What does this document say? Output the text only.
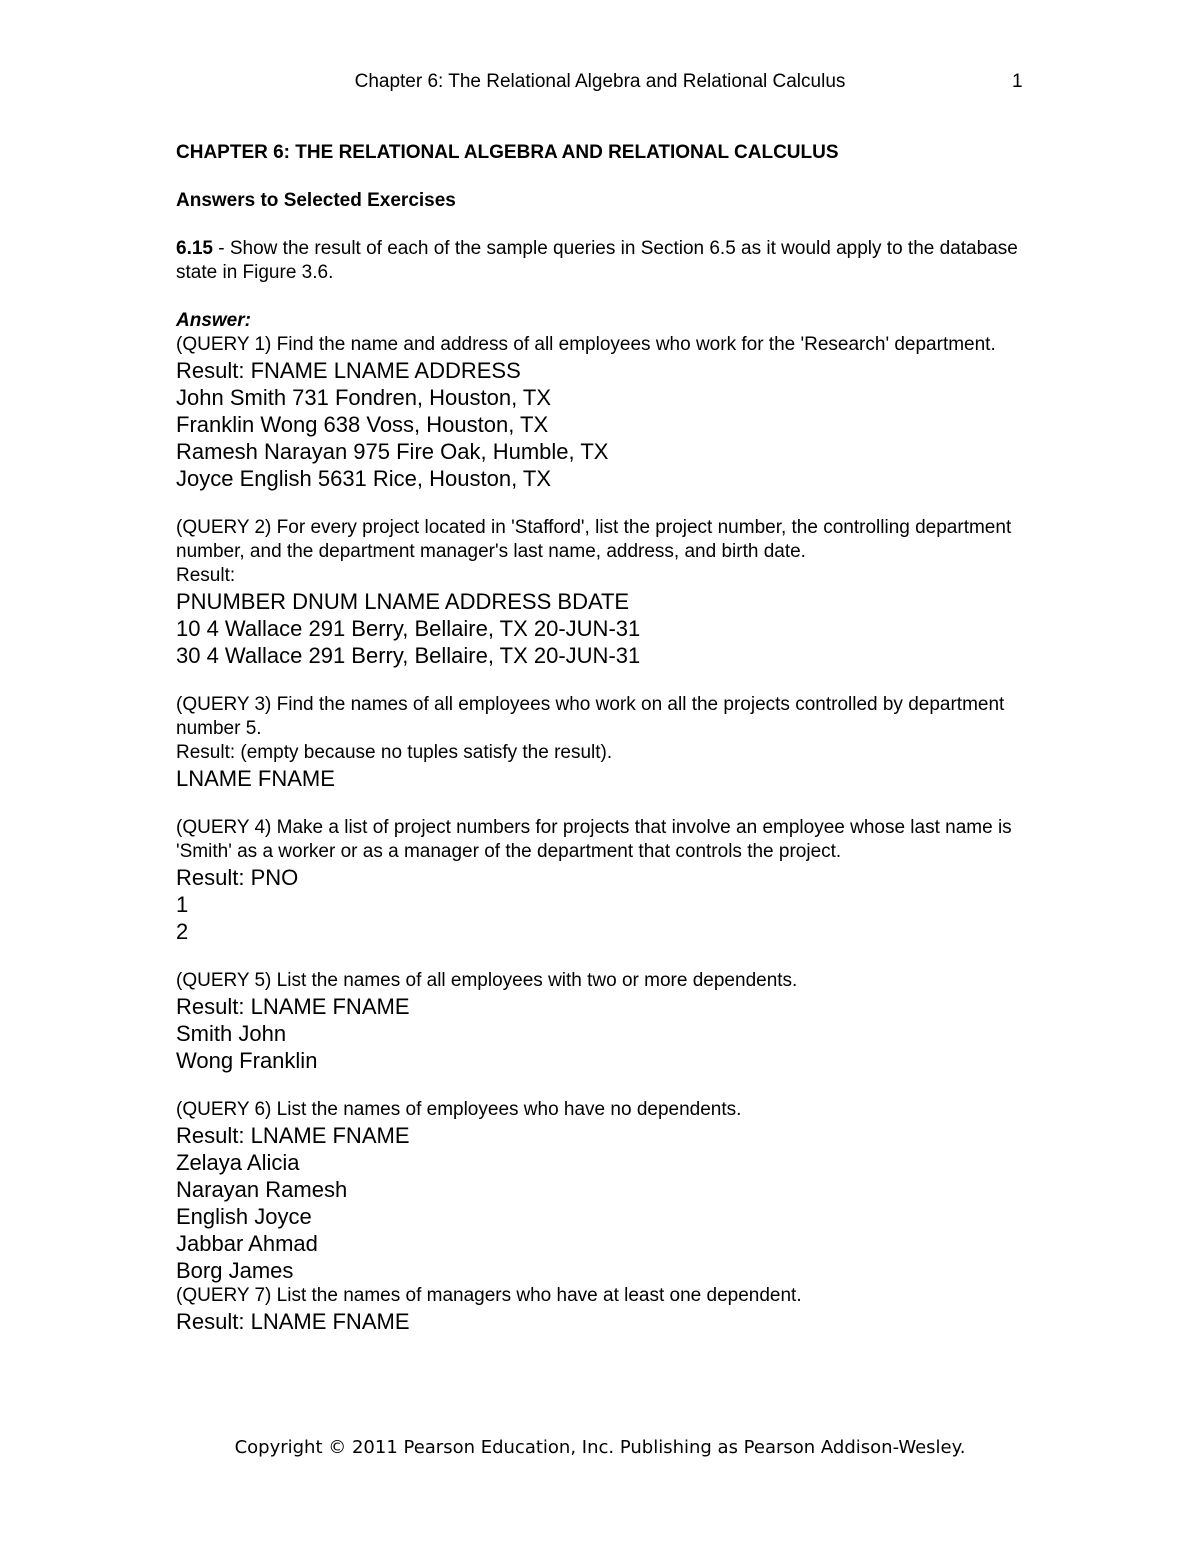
Chapter 6: The Relational Algebra and Relational Calculus	1
CHAPTER 6: THE RELATIONAL ALGEBRA AND RELATIONAL CALCULUS
Answers to Selected Exercises
6.15 - Show the result of each of the sample queries in Section 6.5 as it would apply to the database state in Figure 3.6.
Answer:
(QUERY 1) Find the name and address of all employees who work for the 'Research' department.
Result: FNAME LNAME ADDRESS
John Smith 731 Fondren, Houston, TX
Franklin Wong 638 Voss, Houston, TX
Ramesh Narayan 975 Fire Oak, Humble, TX
Joyce English 5631 Rice, Houston, TX
(QUERY 2) For every project located in 'Stafford', list the project number, the controlling department number, and the department manager's last name, address, and birth date.
Result:
PNUMBER DNUM LNAME ADDRESS BDATE
10 4 Wallace 291 Berry, Bellaire, TX 20-JUN-31
30 4 Wallace 291 Berry, Bellaire, TX 20-JUN-31
(QUERY 3) Find the names of all employees who work on all the projects controlled by department number 5.
Result: (empty because no tuples satisfy the result).
LNAME FNAME
(QUERY 4) Make a list of project numbers for projects that involve an employee whose last name is 'Smith' as a worker or as a manager of the department that controls the project.
Result: PNO
1
2
(QUERY 5) List the names of all employees with two or more dependents.
Result: LNAME FNAME
Smith John
Wong Franklin
(QUERY 6) List the names of employees who have no dependents.
Result: LNAME FNAME
Zelaya Alicia
Narayan Ramesh
English Joyce
Jabbar Ahmad
Borg James
(QUERY 7) List the names of managers who have at least one dependent.
Result: LNAME FNAME
Copyright © 2011 Pearson Education, Inc. Publishing as Pearson Addison-Wesley.
